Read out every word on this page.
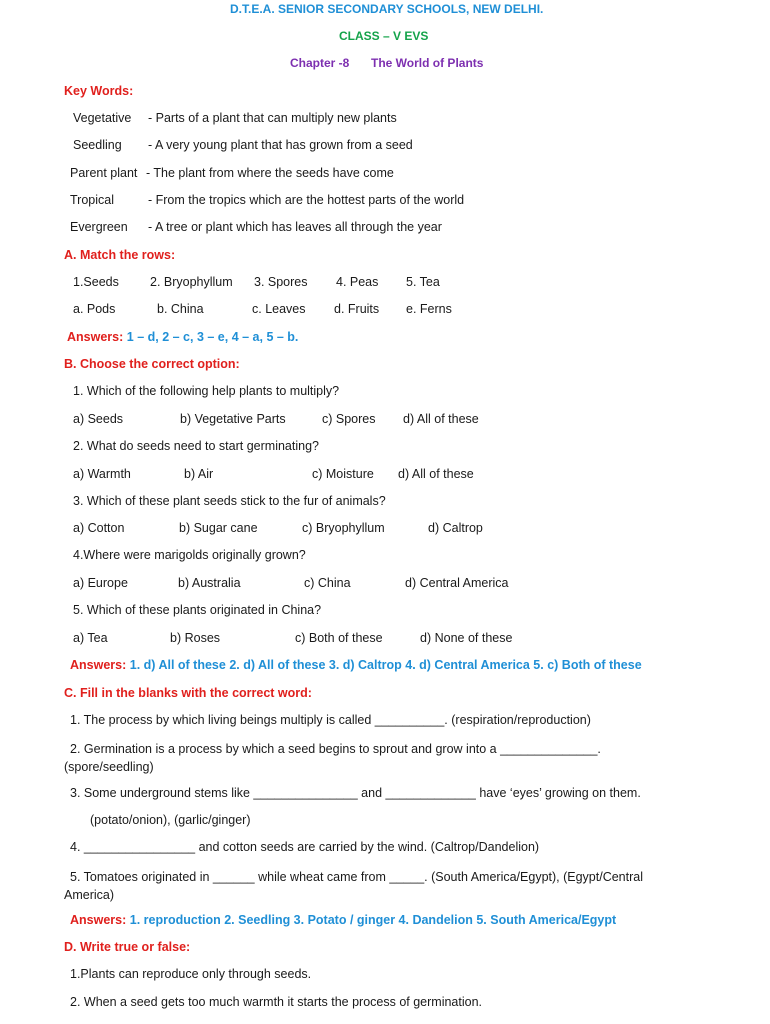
D.T.E.A. SENIOR SECONDARY SCHOOLS, NEW DELHI.
CLASS – V EVS
Chapter -8 The World of Plants
Key Words:
Vegetative - Parts of a plant that can multiply new plants
Seedling - A very young plant that has grown from a seed
Parent plant - The plant from where the seeds have come
Tropical	- From the tropics which are the hottest parts of the world
Evergreen - A tree or plant which has leaves all through the year
A. Match the rows:
1.Seeds 2. Bryophyllum 3. Spores 4. Peas 5. Tea
a. Pods	b. China	c. Leaves d. Fruits e. Ferns
Answers: 1 – d, 2 – c, 3 – e, 4 – a, 5 – b.
B. Choose the correct option:
1. Which of the following help plants to multiply?
a) Seeds	b) Vegetative Parts	c) Spores d) All of these
2. What do seeds need to start germinating?
a) Warmth	b) Air	c) Moisture d) All of these
3. Which of these plant seeds stick to the fur of animals?
a) Cotton	b) Sugar cane	c) Bryophyllum	d) Caltrop
4.Where were marigolds originally grown?
a) Europe	b) Australia	c) China	d) Central America
5. Which of these plants originated in China?
a) Tea	b) Roses	c) Both of these	d) None of these
Answers: 1. d) All of these 2. d) All of these 3. d) Caltrop 4. d) Central America 5. c) Both of these
C. Fill in the blanks with the correct word:
1. The process by which living beings multiply is called __________. (respiration/reproduction)
2. Germination is a process by which a seed begins to sprout and grow into a ______________. (spore/seedling)
3. Some underground stems like _______________ and _____________ have ‘eyes’ growing on them.
(potato/onion), (garlic/ginger)
4. ________________ and cotton seeds are carried by the wind. (Caltrop/Dandelion)
5. Tomatoes originated in ______ while wheat came from _____. (South America/Egypt), (Egypt/Central America)
Answers: 1. reproduction 2. Seedling 3. Potato / ginger 4. Dandelion 5. South America/Egypt
D. Write true or false:
1.Plants can reproduce only through seeds.
2. When a seed gets too much warmth it starts the process of germination.
